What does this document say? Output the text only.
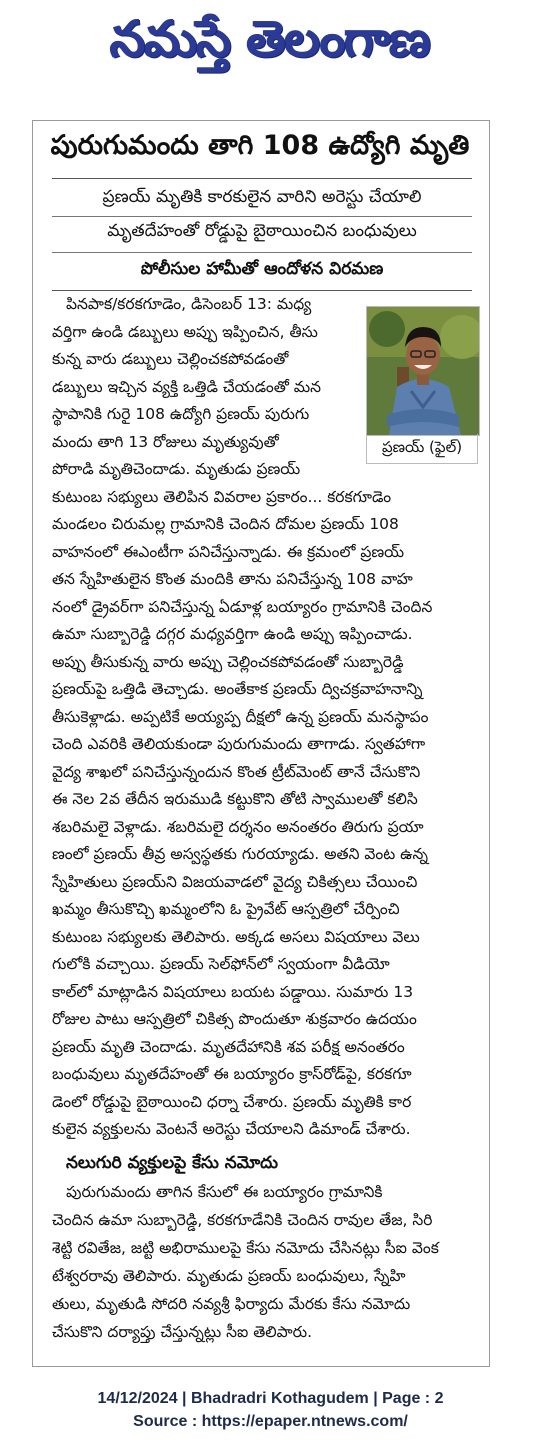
నమస్తే తెలంగాణ
పురుగుమందు తాగి 108 ఉద్యోగి మృతి
ప్రణయ్ మృతికి కారకులైన వారిని అరెస్టు చేయాలి
మృతదేహంతో రోడ్డుపై బైఠాయించిన బంధువులు
పోలీసుల హామీతో ఆందోళన విరమణ
ప్రణయ్ (ఫైల్)
పినపాక/కరకగూడెం, డిసెంబర్ 13: మధ్య
వర్తిగా ఉండి డబ్బులు అప్పు ఇప్పించిన, తీసు
కున్న వారు డబ్బులు చెల్లించకపోవడంతో
డబ్బులు ఇచ్చిన వ్యక్తి ఒత్తిడి చేయడంతో మన
స్థాపానికి గురై 108 ఉద్యోగి ప్రణయ్ పురుగు
మందు తాగి 13 రోజులు మృత్యువుతో
పోరాడి మృతిచెందాడు. మృతుడు ప్రణయ్
కుటుంబ సభ్యులు తెలిపిన వివరాల ప్రకారం... కరకగూడెం
మండలం చిరుమల్ల గ్రామానికి చెందిన దోమల ప్రణయ్ 108
వాహనంలో ఈఎంటీగా పనిచేస్తున్నాడు. ఈ క్రమంలో ప్రణయ్
తన స్నేహితులైన కొంత మందికి తాను పనిచేస్తున్న 108 వాహ
నంలో డ్రైవర్‌గా పనిచేస్తున్న ఏడూళ్ల బయ్యారం గ్రామానికి చెందిన
ఉమా సుబ్బారెడ్డి దగ్గర మధ్యవర్తిగా ఉండి అప్పు ఇప్పించాడు.
అప్పు తీసుకున్న వారు అప్పు చెల్లించకపోవడంతో సుబ్బారెడ్డి
ప్రణయ్‌పై ఒత్తిడి తెచ్చాడు. అంతేకాక ప్రణయ్ ద్విచక్రవాహనాన్ని
తీసుకెళ్లాడు. అప్పటికే అయ్యప్ప దీక్షలో ఉన్న ప్రణయ్ మనస్థాపం
చెంది ఎవరికి తెలియకుండా పురుగుమందు తాగాడు. స్వతహాగా
వైద్య శాఖలో పనిచేస్తున్నందున కొంత ట్రీట్‌మెంట్ తానే చేసుకొని
ఈ నెల 2వ తేదీన ఇరుముడి కట్టుకొని తోటి స్వాములతో కలిసి
శబరిమలై వెళ్లాడు. శబరిమలై దర్శనం అనంతరం తిరుగు ప్రయా
ణంలో ప్రణయ్ తీవ్ర అస్వస్థతకు గురయ్యాడు. అతని వెంట ఉన్న
స్నేహితులు ప్రణయ్‌ని విజయవాడలో వైద్య చికిత్సలు చేయించి
ఖమ్మం తీసుకొచ్చి ఖమ్మంలోని ఓ ప్రైవేట్ ఆస్పత్రిలో చేర్పించి
కుటుంబ సభ్యులకు తెలిపారు. అక్కడ అసలు విషయాలు వెలు
గులోకి వచ్చాయి. ప్రణయ్ సెల్‌ఫోన్‌లో స్వయంగా వీడియో
కాల్‌లో మాట్లాడిన విషయాలు బయట పడ్డాయి. సుమారు 13
రోజుల పాటు ఆస్పత్రిలో చికిత్స పొందుతూ శుక్రవారం ఉదయం
ప్రణయ్ మృతి చెందాడు. మృతదేహానికి శవ పరీక్ష అనంతరం
బంధువులు మృతదేహంతో ఈ బయ్యారం క్రాస్‌రోడ్‌పై, కరకగూ
డెంలో రోడ్డుపై బైఠాయించి ధర్నా చేశారు. ప్రణయ్ మృతికి కార
కులైన వ్యక్తులను వెంటనే అరెస్టు చేయాలని డిమాండ్ చేశారు.
నలుగురి వ్యక్తులపై కేసు నమోదు
పురుగుమందు తాగిన కేసులో ఈ బయ్యారం గ్రామానికి
చెందిన ఉమా సుబ్బారెడ్డి, కరకగూడేనికి చెందిన రావుల తేజ, సిరి
శెట్టి రవితేజ, జట్టి అభిరాములపై కేసు నమోదు చేసినట్లు సీఐ వెంక
టేశ్వరరావు తెలిపారు. మృతుడు ప్రణయ్ బంధువులు, స్నేహి
తులు, మృతుడి సోదరి నవ్యశ్రీ ఫిర్యాదు మేరకు కేసు నమోదు
చేసుకొని దర్యాప్తు చేస్తున్నట్లు సీఐ తెలిపారు.
14/12/2024 | Bhadradri Kothagudem | Page : 2
Source : https://epaper.ntnews.com/
